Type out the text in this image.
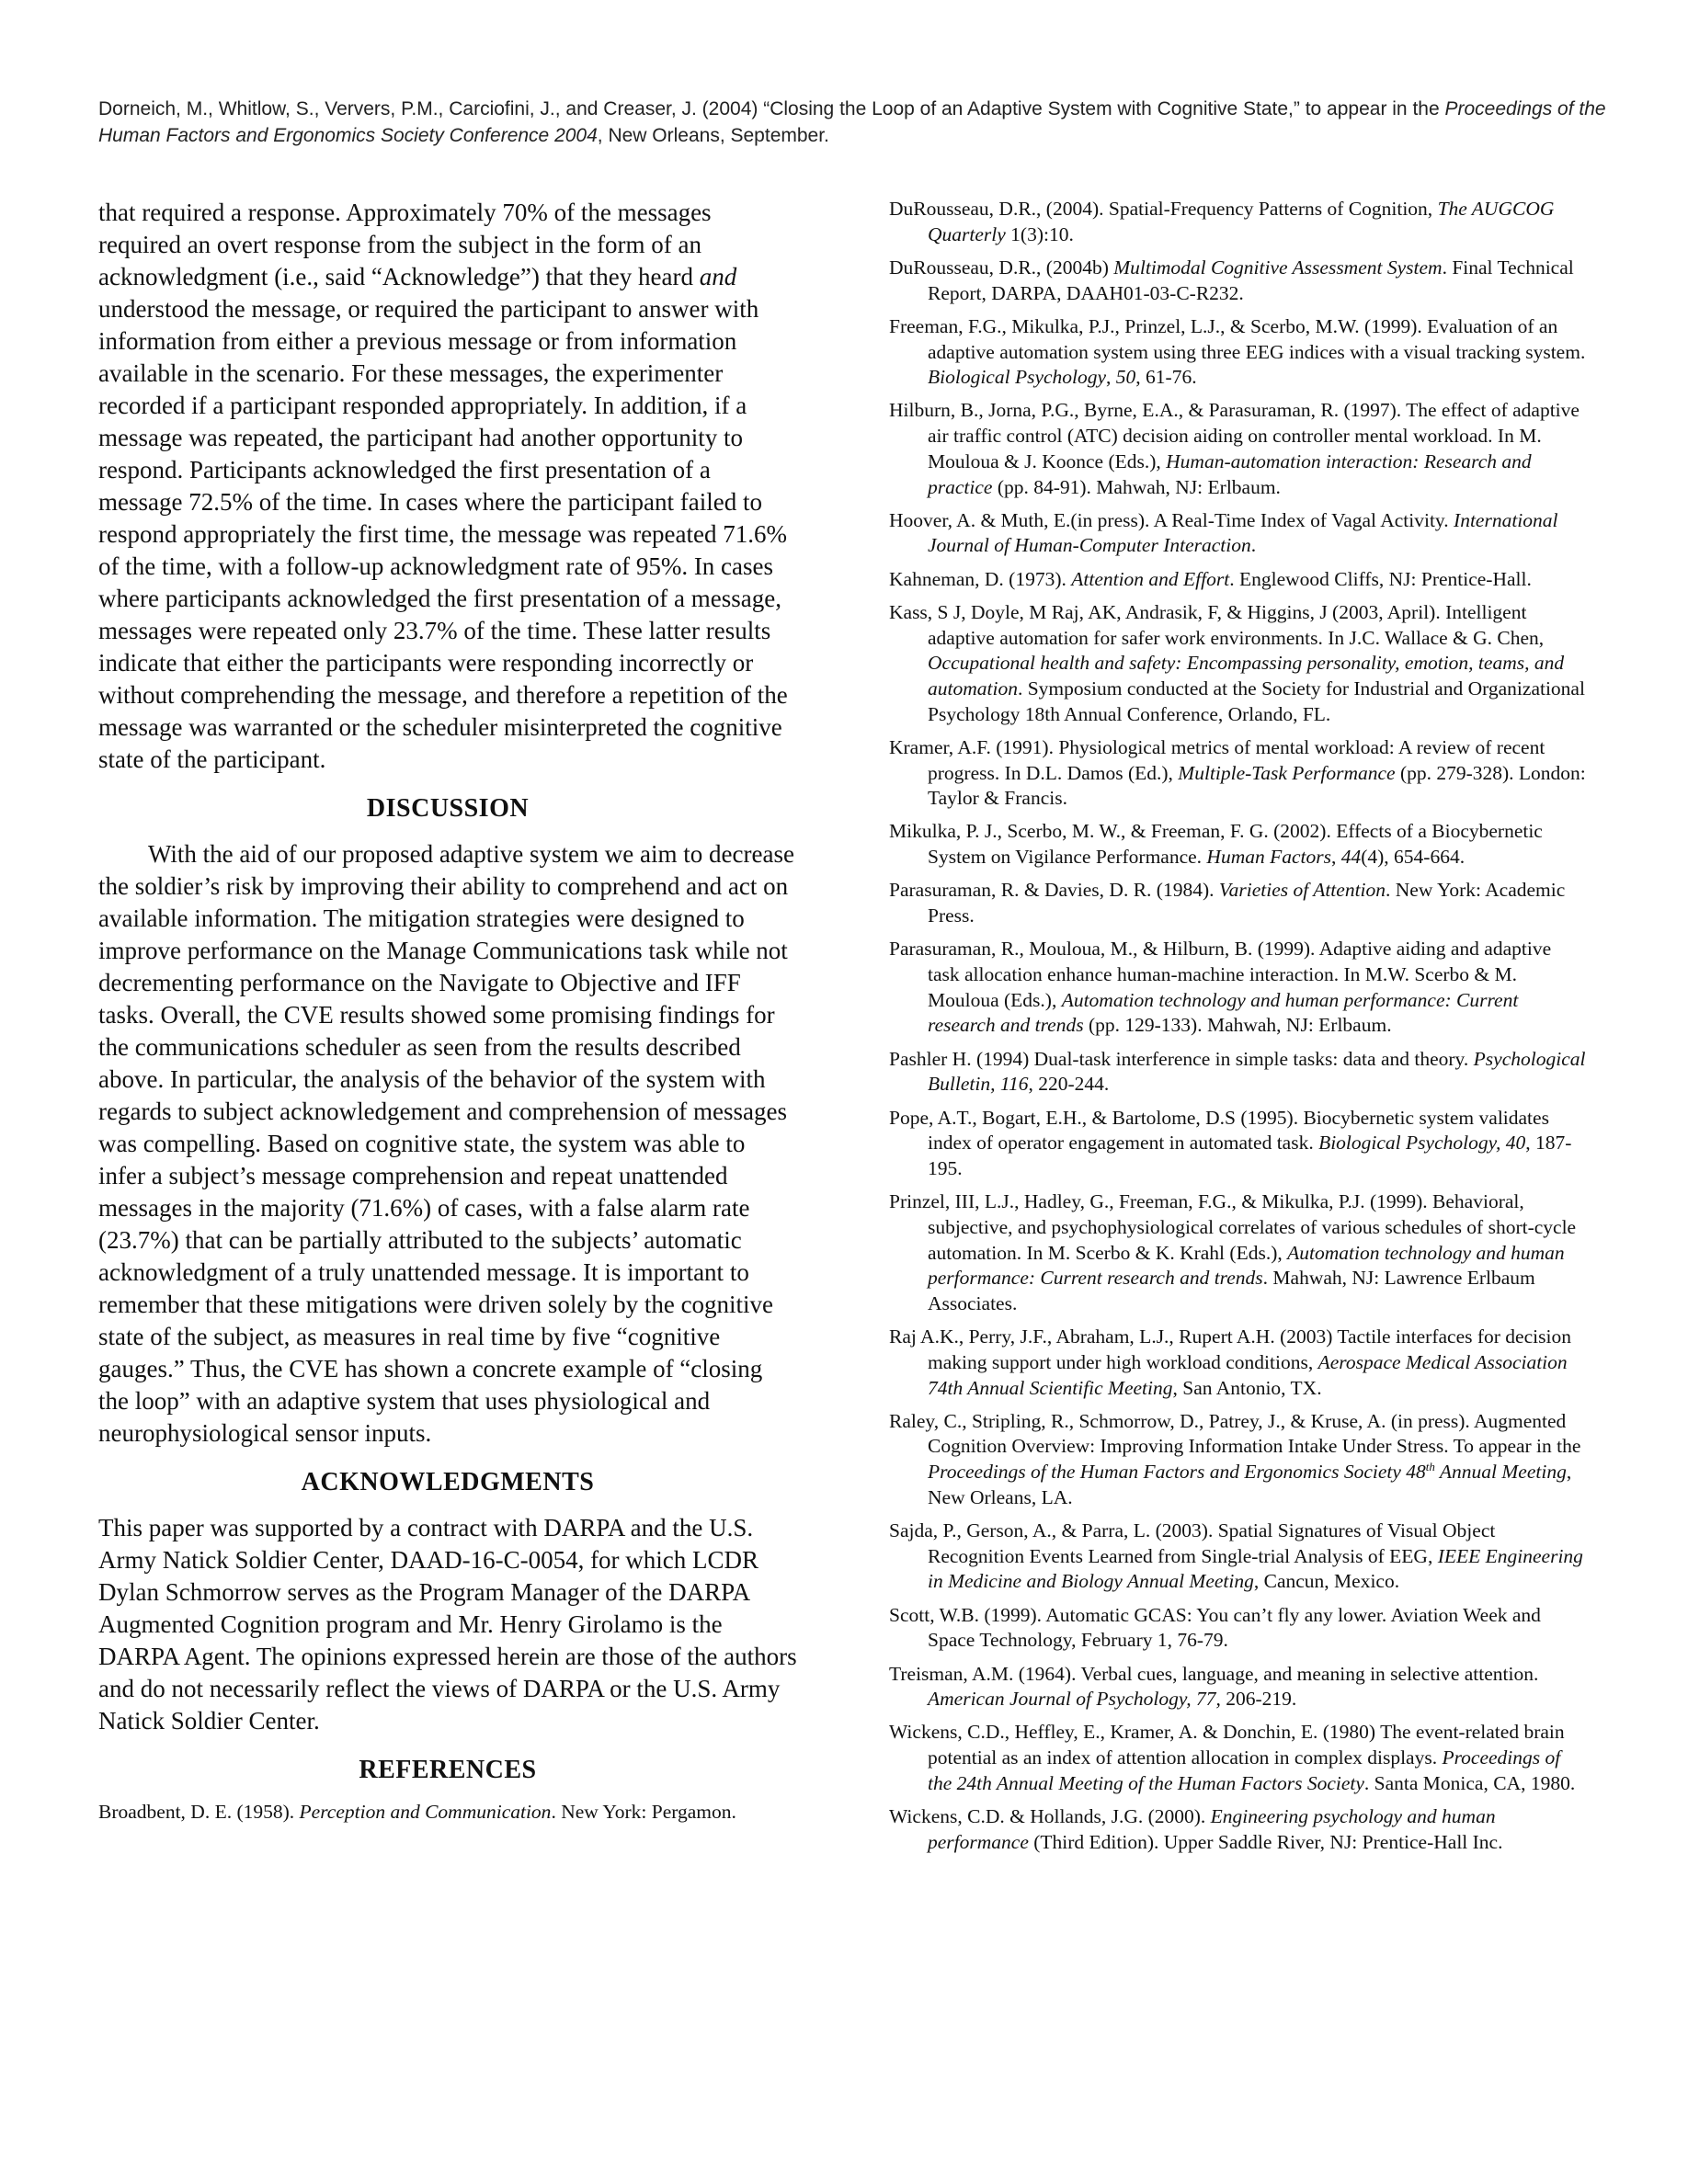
Dorneich, M., Whitlow, S., Ververs, P.M., Carciofini, J., and Creaser, J. (2004) “Closing the Loop of an Adaptive System with Cognitive State,” to appear in the Proceedings of the Human Factors and Ergonomics Society Conference 2004, New Orleans, September.

that required a response. Approximately 70% of the messages required an overt response from the subject in the form of an acknowledgment (i.e., said “Acknowledge”) that they heard and understood the message, or required the participant to answer with information from either a previous message or from information available in the scenario. For these messages, the experimenter recorded if a participant responded appropriately. In addition, if a message was repeated, the participant had another opportunity to respond. Participants acknowledged the first presentation of a message 72.5% of the time. In cases where the participant failed to respond appropriately the first time, the message was repeated 71.6% of the time, with a follow-up acknowledgment rate of 95%. In cases where participants acknowledged the first presentation of a message, messages were repeated only 23.7% of the time. These latter results indicate that either the participants were responding incorrectly or without comprehending the message, and therefore a repetition of the message was warranted or the scheduler misinterpreted the cognitive state of the participant.

DISCUSSION

With the aid of our proposed adaptive system we aim to decrease the soldier’s risk by improving their ability to comprehend and act on available information. The mitigation strategies were designed to improve performance on the Manage Communications task while not decrementing performance on the Navigate to Objective and IFF tasks. Overall, the CVE results showed some promising findings for the communications scheduler as seen from the results described above. In particular, the analysis of the behavior of the system with regards to subject acknowledgement and comprehension of messages was compelling. Based on cognitive state, the system was able to infer a subject’s message comprehension and repeat unattended messages in the majority (71.6%) of cases, with a false alarm rate (23.7%) that can be partially attributed to the subjects’ automatic acknowledgment of a truly unattended message. It is important to remember that these mitigations were driven solely by the cognitive state of the subject, as measures in real time by five “cognitive gauges.” Thus, the CVE has shown a concrete example of “closing the loop” with an adaptive system that uses physiological and neurophysiological sensor inputs.

ACKNOWLEDGMENTS

This paper was supported by a contract with DARPA and the U.S. Army Natick Soldier Center, DAAD-16-C-0054, for which LCDR Dylan Schmorrow serves as the Program Manager of the DARPA Augmented Cognition program and Mr. Henry Girolamo is the DARPA Agent. The opinions expressed herein are those of the authors and do not necessarily reflect the views of DARPA or the U.S. Army Natick Soldier Center.

REFERENCES
Broadbent, D. E. (1958). Perception and Communication. New York: Pergamon.
DuRousseau, D.R., (2004). Spatial-Frequency Patterns of Cognition, The AUGCOG Quarterly 1(3):10.
DuRousseau, D.R., (2004b) Multimodal Cognitive Assessment System. Final Technical Report, DARPA, DAAH01-03-C-R232.
Freeman, F.G., Mikulka, P.J., Prinzel, L.J., & Scerbo, M.W. (1999). Evaluation of an adaptive automation system using three EEG indices with a visual tracking system. Biological Psychology, 50, 61-76.
Hilburn, B., Jorna, P.G., Byrne, E.A., & Parasuraman, R. (1997). The effect of adaptive air traffic control (ATC) decision aiding on controller mental workload. In M. Mouloua & J. Koonce (Eds.), Human-automation interaction: Research and practice (pp. 84-91). Mahwah, NJ: Erlbaum.
Hoover, A. & Muth, E.(in press). A Real-Time Index of Vagal Activity. International Journal of Human-Computer Interaction.
Kahneman, D. (1973). Attention and Effort. Englewood Cliffs, NJ: Prentice-Hall.
Kass, S J, Doyle, M Raj, AK, Andrasik, F, & Higgins, J (2003, April). Intelligent adaptive automation for safer work environments. In J.C. Wallace & G. Chen, Occupational health and safety: Encompassing personality, emotion, teams, and automation. Symposium conducted at the Society for Industrial and Organizational Psychology 18th Annual Conference, Orlando, FL.
Kramer, A.F. (1991). Physiological metrics of mental workload: A review of recent progress. In D.L. Damos (Ed.), Multiple-Task Performance (pp. 279-328). London: Taylor & Francis.
Mikulka, P. J., Scerbo, M. W., & Freeman, F. G. (2002). Effects of a Biocybernetic System on Vigilance Performance. Human Factors, 44(4), 654-664.
Parasuraman, R. & Davies, D. R. (1984). Varieties of Attention. New York: Academic Press.
Parasuraman, R., Mouloua, M., & Hilburn, B. (1999). Adaptive aiding and adaptive task allocation enhance human-machine interaction. In M.W. Scerbo & M. Mouloua (Eds.), Automation technology and human performance: Current research and trends (pp. 129-133). Mahwah, NJ: Erlbaum.
Pashler H. (1994) Dual-task interference in simple tasks: data and theory. Psychological Bulletin, 116, 220-244.
Pope, A.T., Bogart, E.H., & Bartolome, D.S (1995). Biocybernetic system validates index of operator engagement in automated task. Biological Psychology, 40, 187-195.
Prinzel, III, L.J., Hadley, G., Freeman, F.G., & Mikulka, P.J. (1999). Behavioral, subjective, and psychophysiological correlates of various schedules of short-cycle automation. In M. Scerbo & K. Krahl (Eds.), Automation technology and human performance: Current research and trends. Mahwah, NJ: Lawrence Erlbaum Associates.
Raj A.K., Perry, J.F., Abraham, L.J., Rupert A.H. (2003) Tactile interfaces for decision making support under high workload conditions, Aerospace Medical Association 74th Annual Scientific Meeting, San Antonio, TX.
Raley, C., Stripling, R., Schmorrow, D., Patrey, J., & Kruse, A. (in press). Augmented Cognition Overview: Improving Information Intake Under Stress. To appear in the Proceedings of the Human Factors and Ergonomics Society 48th Annual Meeting, New Orleans, LA.
Sajda, P., Gerson, A., & Parra, L. (2003). Spatial Signatures of Visual Object Recognition Events Learned from Single-trial Analysis of EEG, IEEE Engineering in Medicine and Biology Annual Meeting, Cancun, Mexico.
Scott, W.B. (1999). Automatic GCAS: You can’t fly any lower. Aviation Week and Space Technology, February 1, 76-79.
Treisman, A.M. (1964). Verbal cues, language, and meaning in selective attention. American Journal of Psychology, 77, 206-219.
Wickens, C.D., Heffley, E., Kramer, A. & Donchin, E. (1980) The event-related brain potential as an index of attention allocation in complex displays. Proceedings of the 24th Annual Meeting of the Human Factors Society. Santa Monica, CA, 1980.
Wickens, C.D. & Hollands, J.G. (2000). Engineering psychology and human performance (Third Edition). Upper Saddle River, NJ: Prentice-Hall Inc.
